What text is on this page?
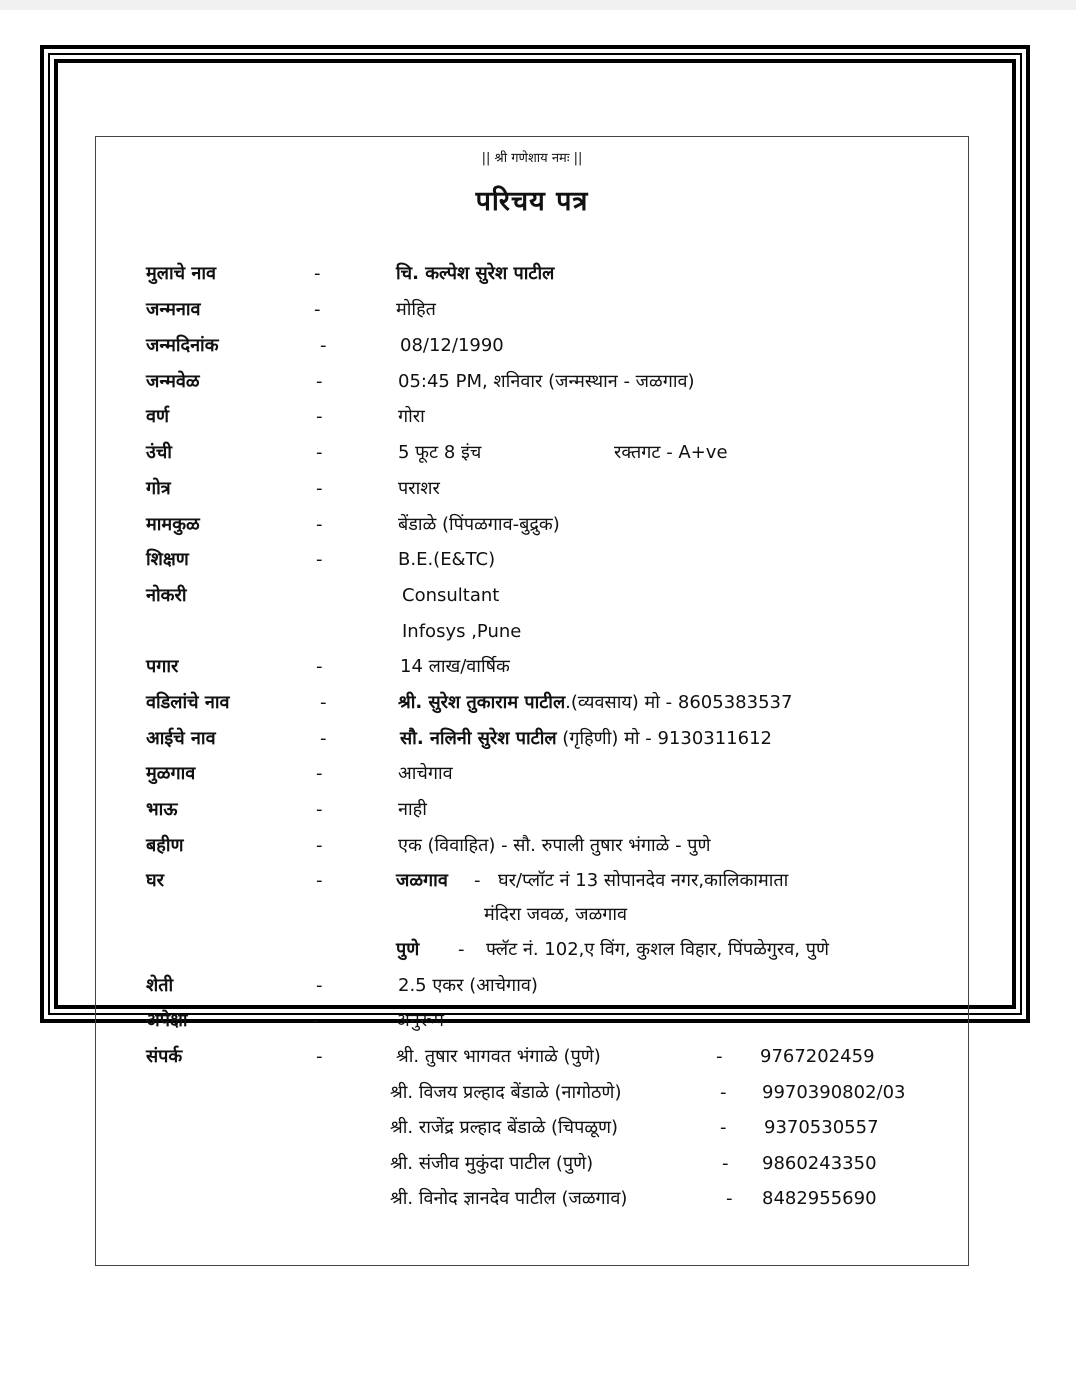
|| श्री गणेशाय नमः ||
परिचय पत्र
मुलाचे नाव	-	चि. कल्पेश सुरेश पाटील
जन्मनाव	-	मोहित
जन्मदिनांक	-	08/12/1990
जन्मवेळ	-	05:45 PM, शनिवार (जन्मस्थान - जळगाव)
वर्ण	-	गोरा
उंची	-	5 फूट 8 इंच	रक्तगट - A+ve
गोत्र	-	पराशर
मामकुळ	-	बेंडाळे (पिंपळगाव-बुद्रुक)
शिक्षण	-	B.E.(E&TC)
नोकरी	Consultant
Infosys ,Pune
पगार	-	14 लाख/वार्षिक
वडिलांचे नाव	-	श्री. सुरेश तुकाराम पाटील.(व्यवसाय) मो - 8605383537
आईचे नाव	-	सौ. नलिनी सुरेश पाटील (गृहिणी) मो - 9130311612
मुळगाव	-	आचेगाव
भाऊ	-	नाही
बहीण	-	एक (विवाहित) - सौ. रुपाली तुषार भंगाळे - पुणे
घर	-	जळगाव - घर/प्लॉट नं 13 सोपानदेव नगर,कालिकामाता
मंदिरा जवळ, जळगाव
पुणे - फ्लॅट नं. 102,ए विंग, कुशल विहार, पिंपळेगुरव, पुणे
शेती	-	2.5 एकर (आचेगाव)
अपेक्षा	-	अनुरूप
संपर्क	-	श्री. तुषार भागवत भंगाळे (पुणे)	- 9767202459
श्री. विजय प्रल्हाद बेंडाळे (नागोठणे)	- 9970390802/03
श्री. राजेंद्र प्रल्हाद बेंडाळे (चिपळूण)	- 9370530557
श्री. संजीव मुकुंदा पाटील (पुणे)	- 9860243350
श्री. विनोद ज्ञानदेव पाटील (जळगाव)	- 8482955690
